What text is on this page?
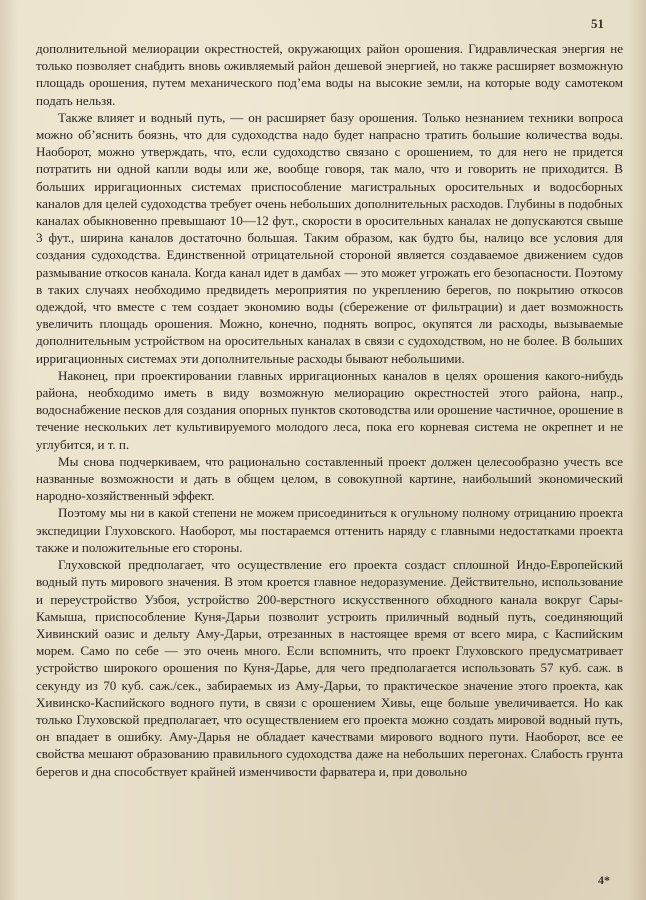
51

дополнительной мелиорации окрестностей, окружающих район орошения. Гидравлическая энергия не только позволяет снабдить вновь оживляемый район дешевой энергией, но также расширяет возможную площадь орошения, путем механического под’ема воды на высокие земли, на которые воду самотеком подать нельзя.

Также влияет и водный путь, — он расширяет базу орошения. Только незнанием техники вопроса можно об’яснить боязнь, что для судоходства надо будет напрасно тратить большие количества воды. Наоборот, можно утверждать, что, если судоходство связано с орошением, то для него не придется потратить ни одной капли воды или же, вообще говоря, так мало, что и говорить не приходится. В больших ирригационных системах приспособление магистральных оросительных и водосборных каналов для целей судоходства требует очень небольших дополнительных расходов. Глубины в подобных каналах обыкновенно превышают 10—12 фут., скорости в оросительных каналах не допускаются свыше 3 фут., ширина каналов достаточно большая. Таким образом, как будто бы, налицо все условия для создания судоходства. Единственной отрицательной стороной является создаваемое движением судов размывание откосов канала. Когда канал идет в дамбах — это может угрожать его безопасности. Поэтому в таких случаях необходимо предвидеть мероприятия по укреплению берегов, по покрытию откосов одеждой, что вместе с тем создает экономию воды (сбережение от фильтрации) и дает возможность увеличить площадь орошения. Можно, конечно, поднять вопрос, окупятся ли расходы, вызываемые дополнительным устройством на оросительных каналах в связи с судоходством, но не более. В больших ирригационных системах эти дополнительные расходы бывают небольшими.

Наконец, при проектировании главных ирригационных каналов в целях орошения какого-нибудь района, необходимо иметь в виду возможную мелиорацию окрестностей этого района, напр., водоснабжение песков для создания опорных пунктов скотоводства или орошение частичное, орошение в течение нескольких лет культивируемого молодого леса, пока его корневая система не окрепнет и не углубится, и т. п.

Мы снова подчеркиваем, что рационально составленный проект должен целесообразно учесть все названные возможности и дать в общем целом, в совокупной картине, наибольший экономический народно-хозяйственный эффект.

Поэтому мы ни в какой степени не можем присоединиться к огульному полному отрицанию проекта экспедиции Глуховского. Наоборот, мы постараемся оттенить наряду с главными недостатками проекта также и положительные его стороны.

Глуховской предполагает, что осуществление его проекта создаст сплошной Индо-Европейский водный путь мирового значения. В этом кроется главное недоразумение. Действительно, использование и переустройство Узбоя, устройство 200-верстного искусственного обходного канала вокруг Сары-Камыша, приспособление Куня-Дарьи позволит устроить приличный водный путь, соединяющий Хивинский оазис и дельту Аму-Дарьи, отрезанных в настоящее время от всего мира, с Каспийским морем. Само по себе — это очень много. Если вспомнить, что проект Глуховского предусматривает устройство широкого орошения по Куня-Дарье, для чего предполагается использовать 57 куб. саж. в секунду из 70 куб. саж./сек., забираемых из Аму-Дарьи, то практическое значение этого проекта, как Хивинско-Каспийского водного пути, в связи с орошением Хивы, еще больше увеличивается. Но как только Глуховской предполагает, что осуществлением его проекта можно создать мировой водный путь, он впадает в ошибку. Аму-Дарья не обладает качествами мирового водного пути. Наоборот, все ее свойства мешают образованию правильного судоходства даже на небольших перегонах. Слабость грунта берегов и дна способствует крайней изменчивости фарватера и, при довольно

4*
